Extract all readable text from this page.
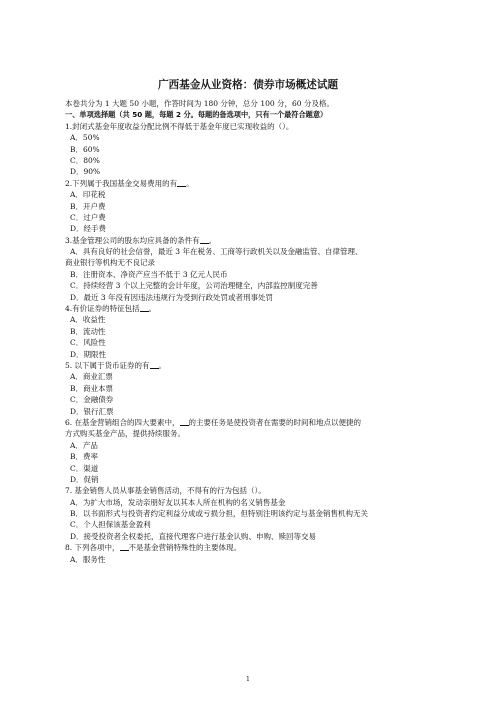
广西基金从业资格：债券市场概述试题
本卷共分为 1 大题 50 小题，作答时间为 180 分钟，总分 100 分，60 分及格。
一、单项选择题（共 50 题，每题 2 分。每题的备选项中，只有一个最符合题意）
1.封闭式基金年度收益分配比例不得低于基金年度已实现收益的（）。
A．50%
B．60%
C．80%
D．90%
2.下列属于我国基金交易费用的有 。
A．印花税
B．开户费
C．过户费
D．经手费
3.基金管理公司的股东均应具备的条件有 。
A．具有良好的社会信誉，最近 3 年在税务、工商等行政机关以及金融监管、自律管理、
商业银行等机构无不良记录
B．注册资本、净资产应当不低于 3 亿元人民币
C．持续经营 3 个以上完整的会计年度，公司治理健全，内部监控制度完善
D．最近 3 年没有因违法违规行为受到行政处罚或者刑事处罚
4.有价证券的特征包括 。
A．收益性
B．流动性
C．风险性
D．期限性
5. 以下属于货币证券的有 。
A．商业汇票
B．商业本票
C．金融债券
D．银行汇票
6. 在基金营销组合的四大要素中， 的主要任务是使投资者在需要的时间和地点以便捷的
方式购买基金产品，提供持续服务。
A．产品
B．费率
C．渠道
D．促销
7. 基金销售人员从事基金销售活动，不得有的行为包括（）。
A．为扩大市场，发动亲朋好友以其本人所在机构的名义销售基金
B．以书面形式与投资者约定利益分成或亏损分担，但特别注明该约定与基金销售机构无关
C．个人担保该基金盈利
D．接受投资者全权委托，直接代理客户进行基金认购、申购、赎回等交易
8. 下列各项中， 不是基金营销特殊性的主要体现。
A．服务性
1
